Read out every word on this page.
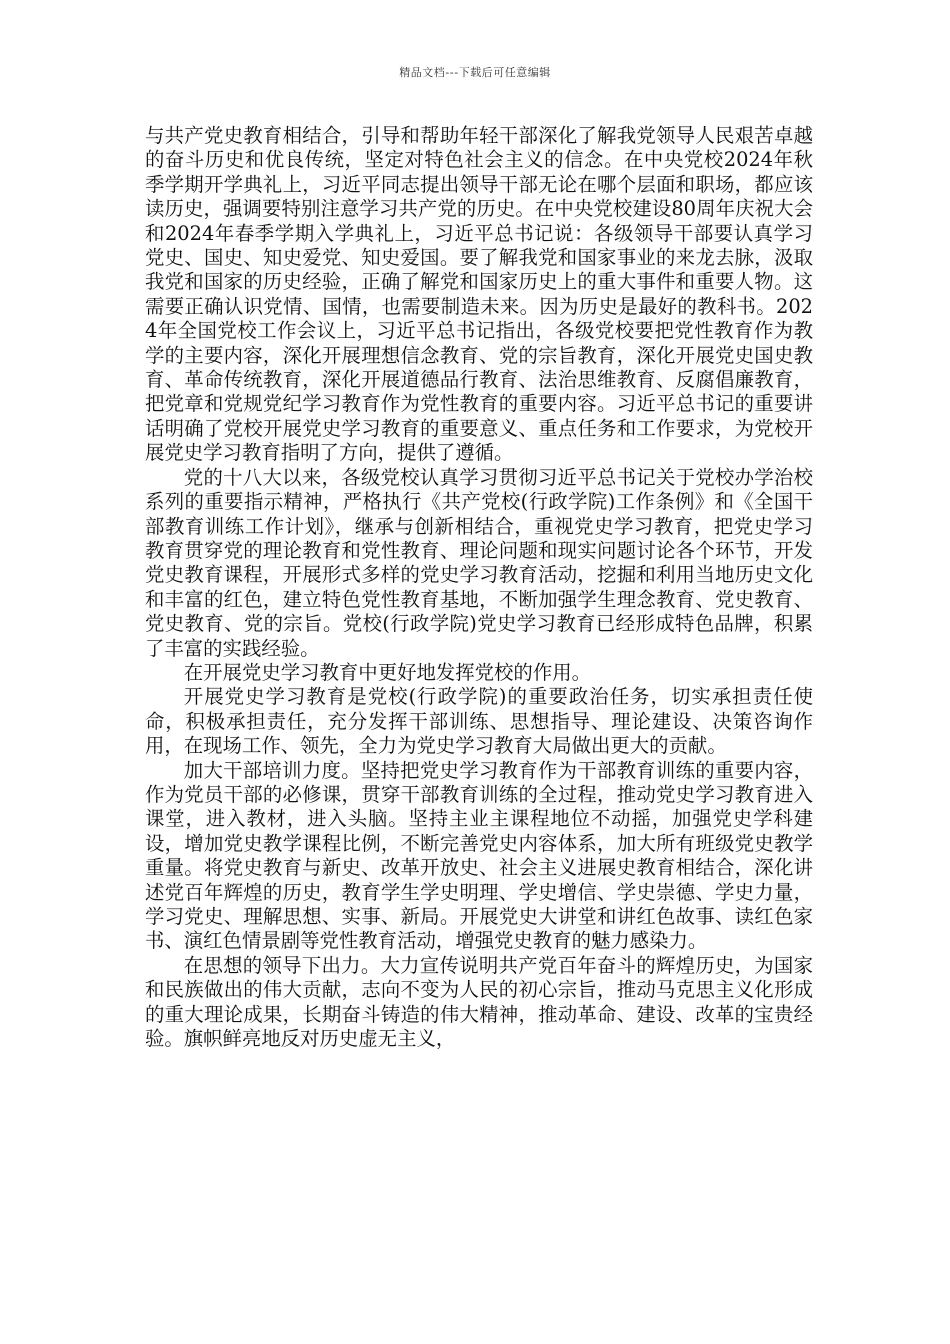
精品文档---下载后可任意编辑

与共产党史教育相结合，引导和帮助年轻干部深化了解我党领导人民艰苦卓越的奋斗历史和优良传统，坚定对特色社会主义的信念。在中央党校2024年秋季学期开学典礼上，习近平同志提出领导干部无论在哪个层面和职场，都应该读历史，强调要特别注意学习共产党的历史。在中央党校建设80周年庆祝大会和2024年春季学期入学典礼上，习近平总书记说：各级领导干部要认真学习党史、国史、知史爱党、知史爱国。要了解我党和国家事业的来龙去脉，汲取我党和国家的历史经验，正确了解党和国家历史上的重大事件和重要人物。这需要正确认识党情、国情，也需要制造未来。因为历史是最好的教科书。2024年全国党校工作会议上，习近平总书记指出，各级党校要把党性教育作为教学的主要内容，深化开展理想信念教育、党的宗旨教育，深化开展党史国史教育、革命传统教育，深化开展道德品行教育、法治思维教育、反腐倡廉教育，把党章和党规党纪学习教育作为党性教育的重要内容。习近平总书记的重要讲话明确了党校开展党史学习教育的重要意义、重点任务和工作要求，为党校开展党史学习教育指明了方向，提供了遵循。

党的十八大以来，各级党校认真学习贯彻习近平总书记关于党校办学治校系列的重要指示精神，严格执行《共产党校(行政学院)工作条例》和《全国干部教育训练工作计划》，继承与创新相结合，重视党史学习教育，把党史学习教育贯穿党的理论教育和党性教育、理论问题和现实问题讨论各个环节，开发党史教育课程，开展形式多样的党史学习教育活动，挖掘和利用当地历史文化和丰富的红色，建立特色党性教育基地，不断加强学生理念教育、党史教育、党史教育、党的宗旨。党校(行政学院)党史学习教育已经形成特色品牌，积累了丰富的实践经验。

在开展党史学习教育中更好地发挥党校的作用。

开展党史学习教育是党校(行政学院)的重要政治任务，切实承担责任使命，积极承担责任，充分发挥干部训练、思想指导、理论建设、决策咨询作用，在现场工作、领先，全力为党史学习教育大局做出更大的贡献。

加大干部培训力度。坚持把党史学习教育作为干部教育训练的重要内容，作为党员干部的必修课，贯穿干部教育训练的全过程，推动党史学习教育进入课堂，进入教材，进入头脑。坚持主业主课程地位不动摇，加强党史学科建设，增加党史教学课程比例，不断完善党史内容体系，加大所有班级党史教学重量。将党史教育与新史、改革开放史、社会主义进展史教育相结合，深化讲述党百年辉煌的历史，教育学生学史明理、学史增信、学史崇德、学史力量，学习党史、理解思想、实事、新局。开展党史大讲堂和讲红色故事、读红色家书、演红色情景剧等党性教育活动，增强党史教育的魅力感染力。

在思想的领导下出力。大力宣传说明共产党百年奋斗的辉煌历史，为国家和民族做出的伟大贡献，志向不变为人民的初心宗旨，推动马克思主义化形成的重大理论成果，长期奋斗铸造的伟大精神，推动革命、建设、改革的宝贵经验。旗帜鲜亮地反对历史虚无主义，
